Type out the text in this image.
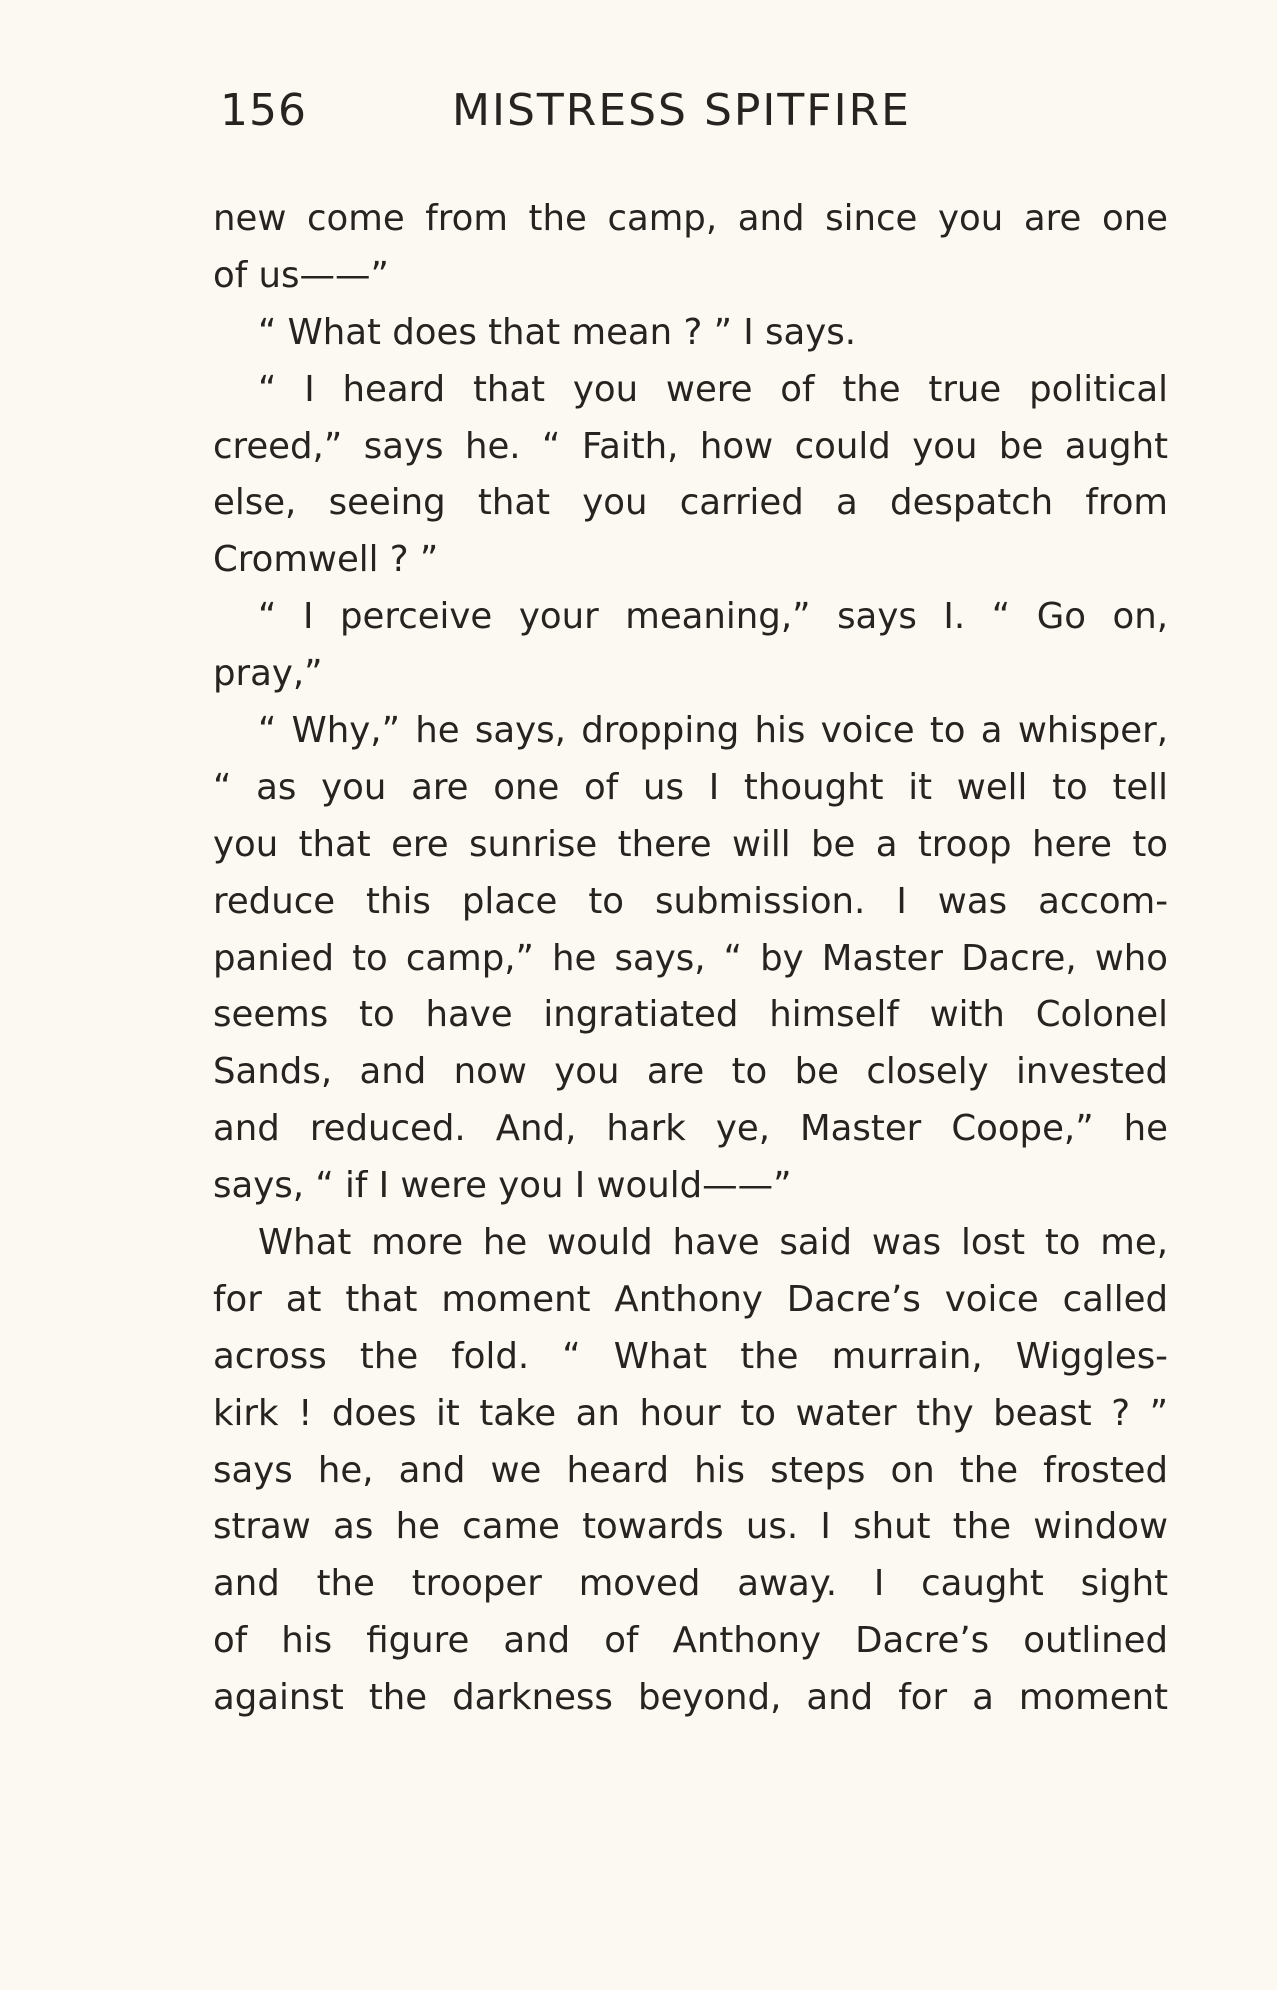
156	MISTRESS SPITFIRE
new come from the camp, and since you are one
of us——”
“ What does that mean ? ” I says.
“ I heard that you were of the true political
creed,” says he. “ Faith, how could you be aught
else, seeing that you carried a despatch from
Cromwell ? ”
“ I perceive your meaning,” says I. “ Go on,
pray,”
“ Why,” he says, dropping his voice to a whisper,
“ as you are one of us I thought it well to tell
you that ere sunrise there will be a troop here to
reduce this place to submission. I was accom-
panied to camp,” he says, “ by Master Dacre, who
seems to have ingratiated himself with Colonel
Sands, and now you are to be closely invested
and reduced. And, hark ye, Master Coope,” he
says, “ if I were you I would——”
What more he would have said was lost to me,
for at that moment Anthony Dacre’s voice called
across the fold. “ What the murrain, Wiggles-
kirk ! does it take an hour to water thy beast ? ”
says he, and we heard his steps on the frosted
straw as he came towards us. I shut the window
and the trooper moved away. I caught sight
of his figure and of Anthony Dacre’s outlined
against the darkness beyond, and for a moment
